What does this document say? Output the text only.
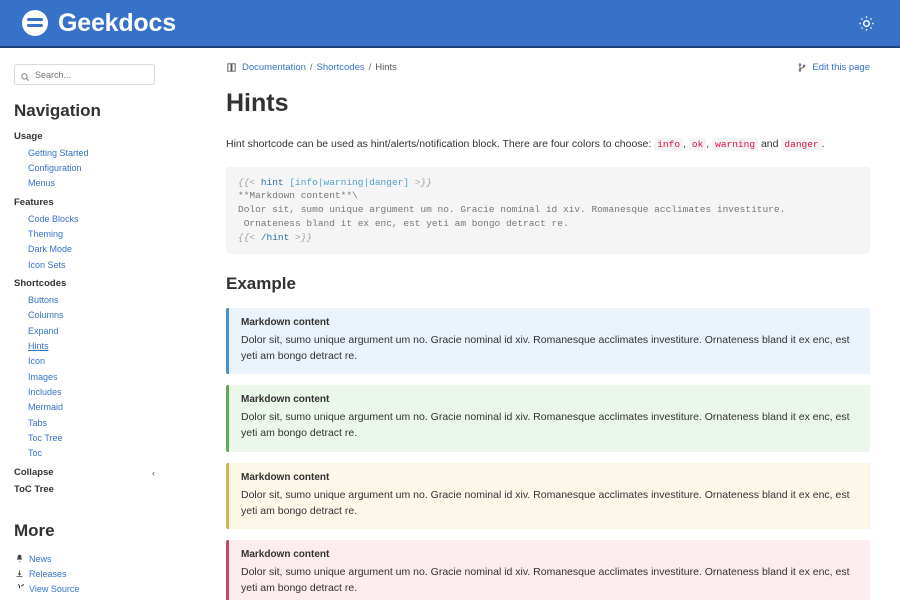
Geekdocs
Search...
Navigation
Usage
Getting Started
Configuration
Menus
Features
Code Blocks
Theming
Dark Mode
Icon Sets
Shortcodes
Buttons
Columns
Expand
Hints
Icon
Images
Includes
Mermaid
Tabs
Toc Tree
Toc
Collapse	‹
ToC Tree
More
News
Releases
View Source
Documentation / Shortcodes / Hints	Edit this page
Hints

Hint shortcode can be used as hint/alerts/notification block. There are four colors to choose: info , ok , warning and danger .

{{< hint [info|warning|danger] >}}
**Markdown content**\
Dolor sit, sumo unique argument um no. Gracie nominal id xiv. Romanesque acclimates investiture.
Ornateness bland it ex enc, est yeti am bongo detract re.
{{< /hint >}}
Example
Markdown content
Dolor sit, sumo unique argument um no. Gracie nominal id xiv. Romanesque acclimates investiture. Ornateness bland it ex enc, est yeti am bongo detract re.
Markdown content
Dolor sit, sumo unique argument um no. Gracie nominal id xiv. Romanesque acclimates investiture. Ornateness bland it ex enc, est yeti am bongo detract re.
Markdown content
Dolor sit, sumo unique argument um no. Gracie nominal id xiv. Romanesque acclimates investiture. Ornateness bland it ex enc, est yeti am bongo detract re.
Markdown content
Dolor sit, sumo unique argument um no. Gracie nominal id xiv. Romanesque acclimates investiture. Ornateness bland it ex enc, est yeti am bongo detract re.
